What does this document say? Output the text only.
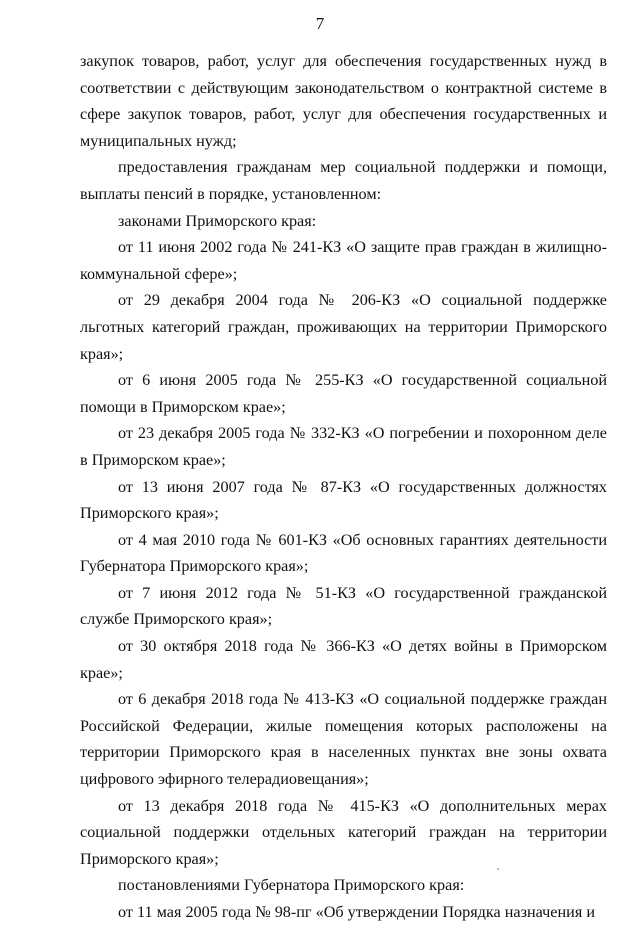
7

закупок товаров, работ, услуг для обеспечения государственных нужд в соответствии с действующим законодательством о контрактной системе в сфере закупок товаров, работ, услуг для обеспечения государственных и муниципальных нужд;

предоставления гражданам мер социальной поддержки и помощи, выплаты пенсий в порядке, установленном:

законами Приморского края:

от 11 июня 2002 года № 241-КЗ «О защите прав граждан в жилищно-коммунальной сфере»;

от 29 декабря 2004 года № 206-КЗ «О социальной поддержке льготных категорий граждан, проживающих на территории Приморского края»;

от 6 июня 2005 года № 255-КЗ «О государственной социальной помощи в Приморском крае»;

от 23 декабря 2005 года № 332-КЗ «О погребении и похоронном деле в Приморском крае»;

от 13 июня 2007 года № 87-КЗ «О государственных должностях Приморского края»;

от 4 мая 2010 года № 601-КЗ «Об основных гарантиях деятельности Губернатора Приморского края»;

от 7 июня 2012 года № 51-КЗ «О государственной гражданской службе Приморского края»;

от 30 октября 2018 года № 366-КЗ «О детях войны в Приморском крае»;

от 6 декабря 2018 года № 413-КЗ «О социальной поддержке граждан Российской Федерации, жилые помещения которых расположены на территории Приморского края в населенных пунктах вне зоны охвата цифрового эфирного телерадиовещания»;

от 13 декабря 2018 года № 415-КЗ «О дополнительных мерах социальной поддержки отдельных категорий граждан на территории Приморского края»;

постановлениями Губернатора Приморского края:

от 11 мая 2005 года № 98-пг «Об утверждении Порядка назначения и
